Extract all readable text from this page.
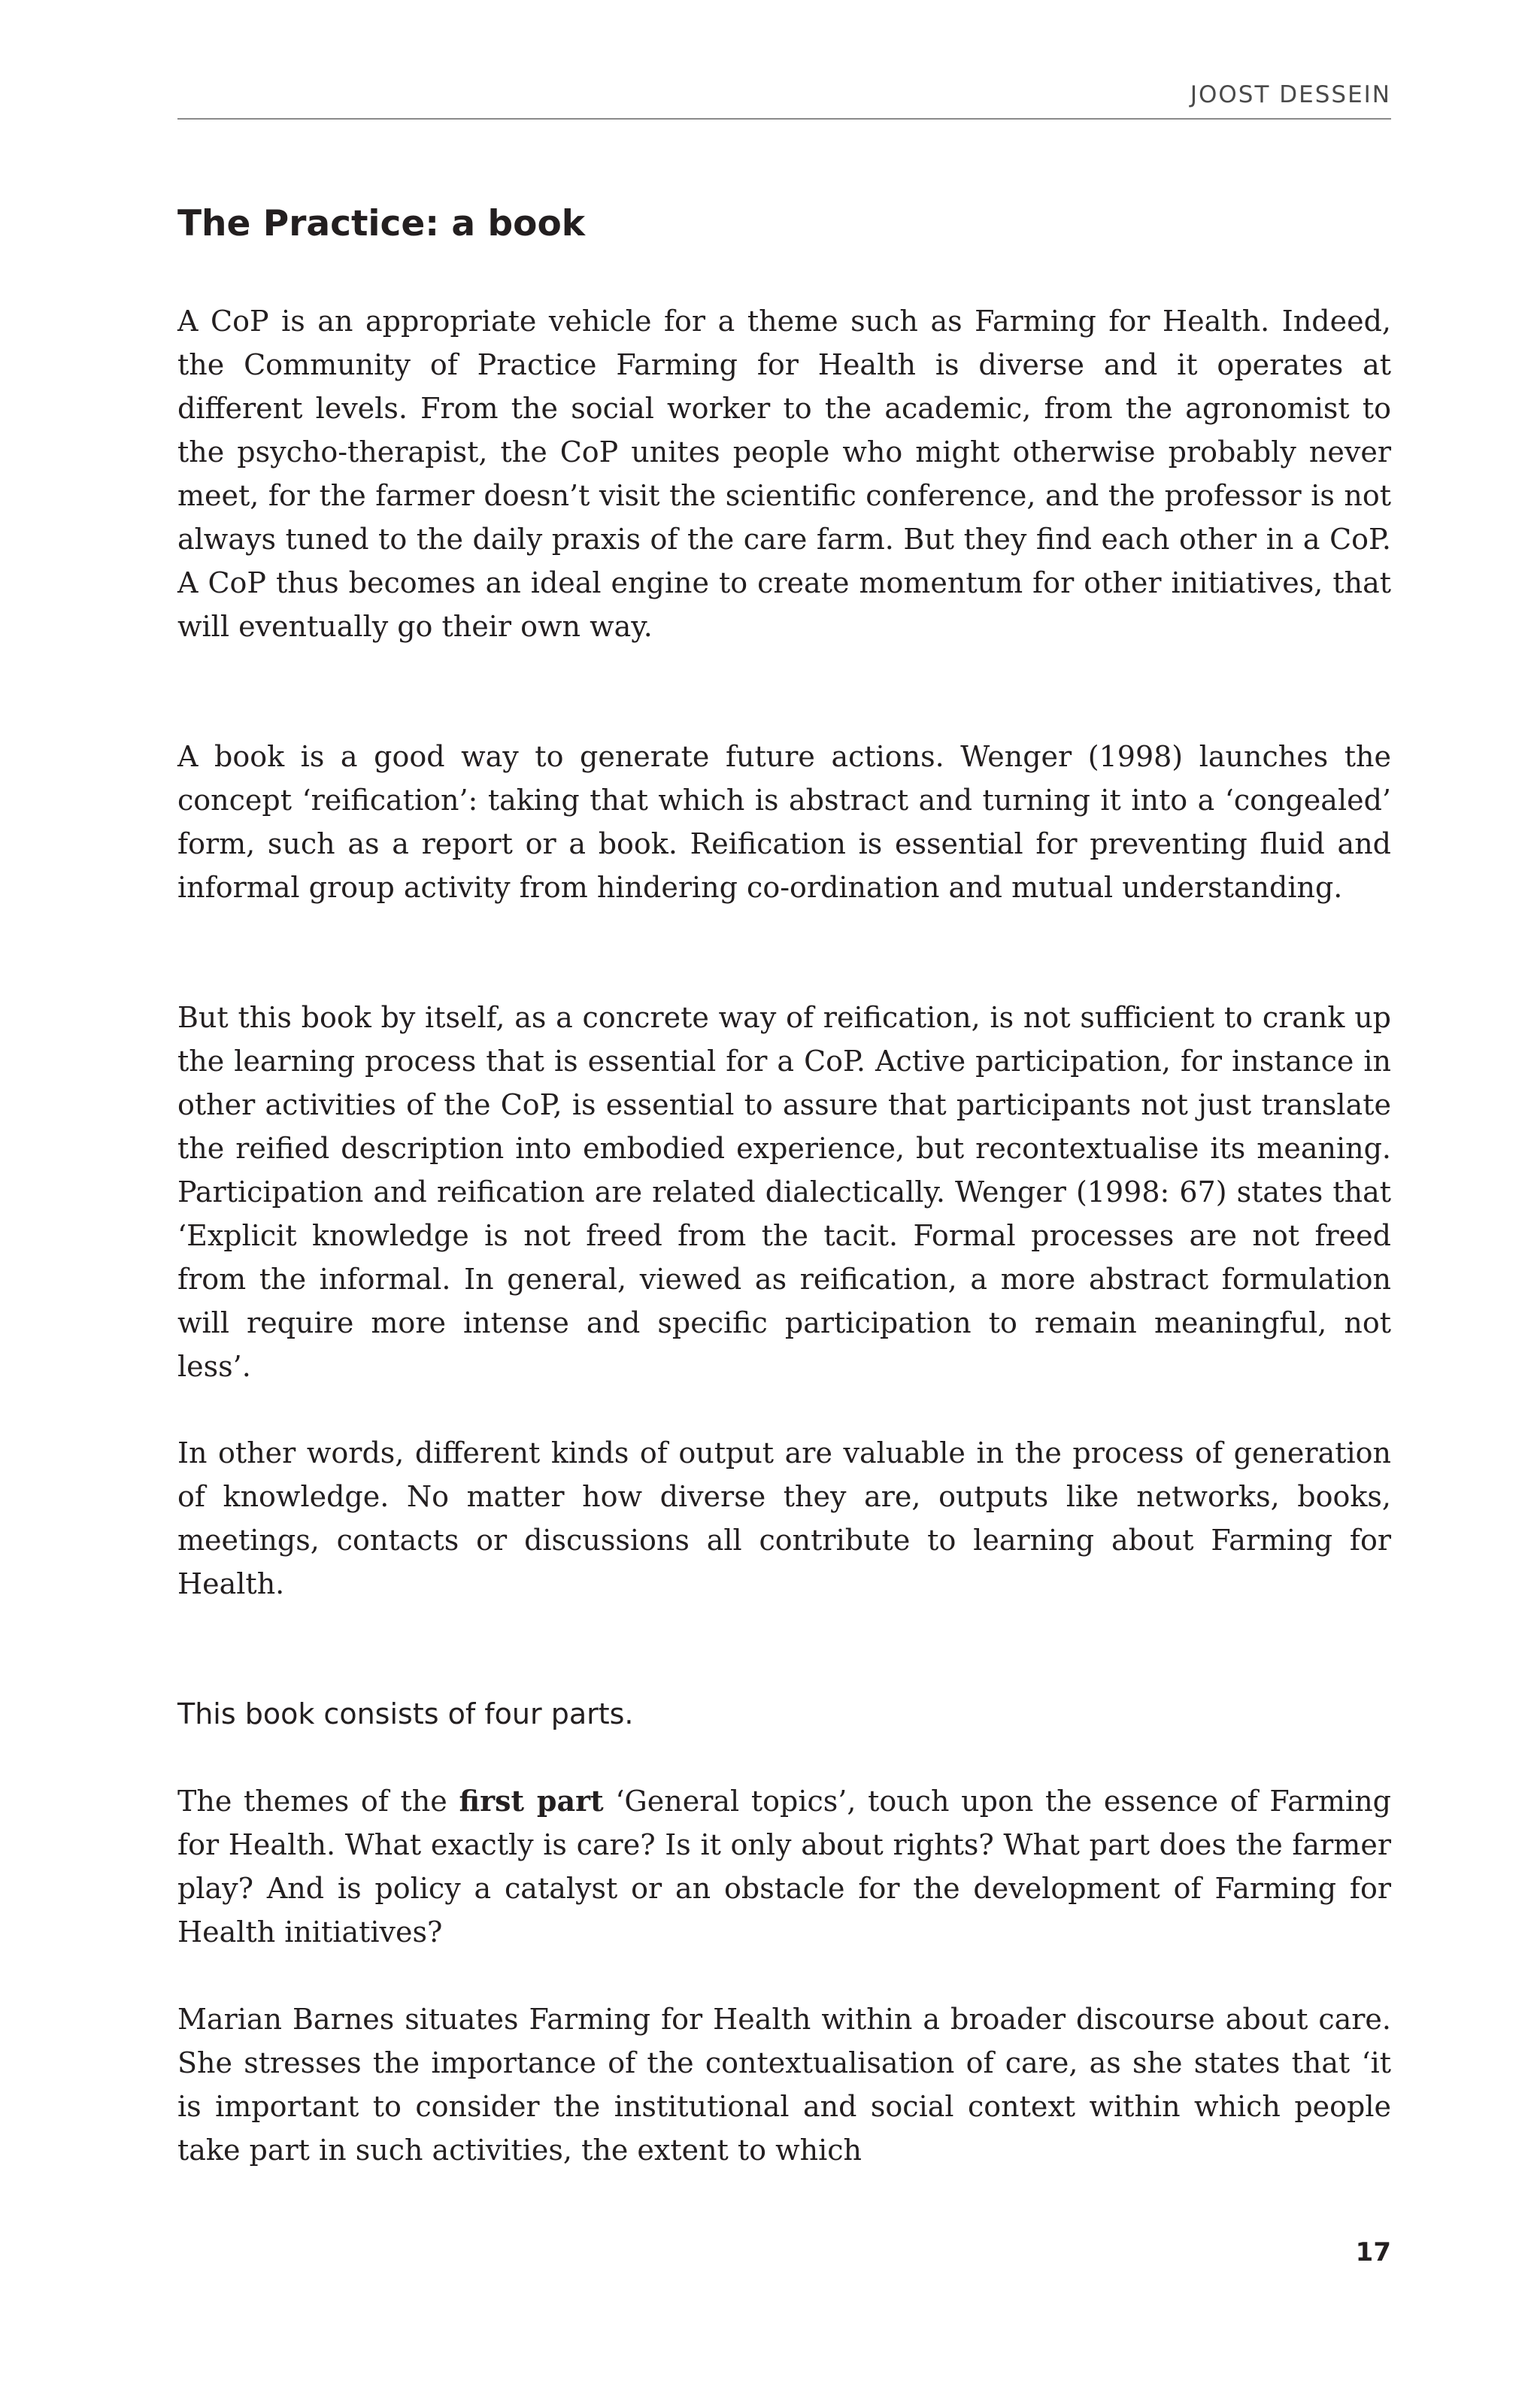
JOOST DESSEIN
The Practice: a book

A CoP is an appropriate vehicle for a theme such as Farming for Health. Indeed, the Community of Practice Farming for Health is diverse and it operates at different levels. From the social worker to the academic, from the agronomist to the psycho-therapist, the CoP unites people who might otherwise probably never meet, for the farmer doesn’t visit the scientific conference, and the professor is not always tuned to the daily praxis of the care farm. But they find each other in a CoP. A CoP thus becomes an ideal engine to create momentum for other initiatives, that will eventually go their own way.

A book is a good way to generate future actions. Wenger (1998) launches the concept ‘reification’: taking that which is abstract and turning it into a ‘congealed’ form, such as a report or a book. Reification is essential for preventing fluid and informal group activity from hindering co-ordination and mutual understanding.

But this book by itself, as a concrete way of reification, is not sufficient to crank up the learning process that is essential for a CoP. Active participation, for instance in other activities of the CoP, is essential to assure that participants not just translate the reified description into embodied experience, but recontextualise its meaning. Participation and reification are related dialectically. Wenger (1998: 67) states that ‘Explicit knowledge is not freed from the tacit. Formal processes are not freed from the informal. In general, viewed as reification, a more abstract formulation will require more intense and specific participation to remain meaningful, not less’.

In other words, different kinds of output are valuable in the process of generation of knowledge. No matter how diverse they are, outputs like networks, books, meetings, contacts or discussions all contribute to learning about Farming for Health.

This book consists of four parts.

The themes of the first part ‘General topics’, touch upon the essence of Farming for Health. What exactly is care? Is it only about rights? What part does the farmer play? And is policy a catalyst or an obstacle for the development of Farming for Health initiatives?

Marian Barnes situates Farming for Health within a broader discourse about care. She stresses the importance of the contextualisation of care, as she states that ‘it is important to consider the institutional and social context within which people take part in such activities, the extent to which

17
